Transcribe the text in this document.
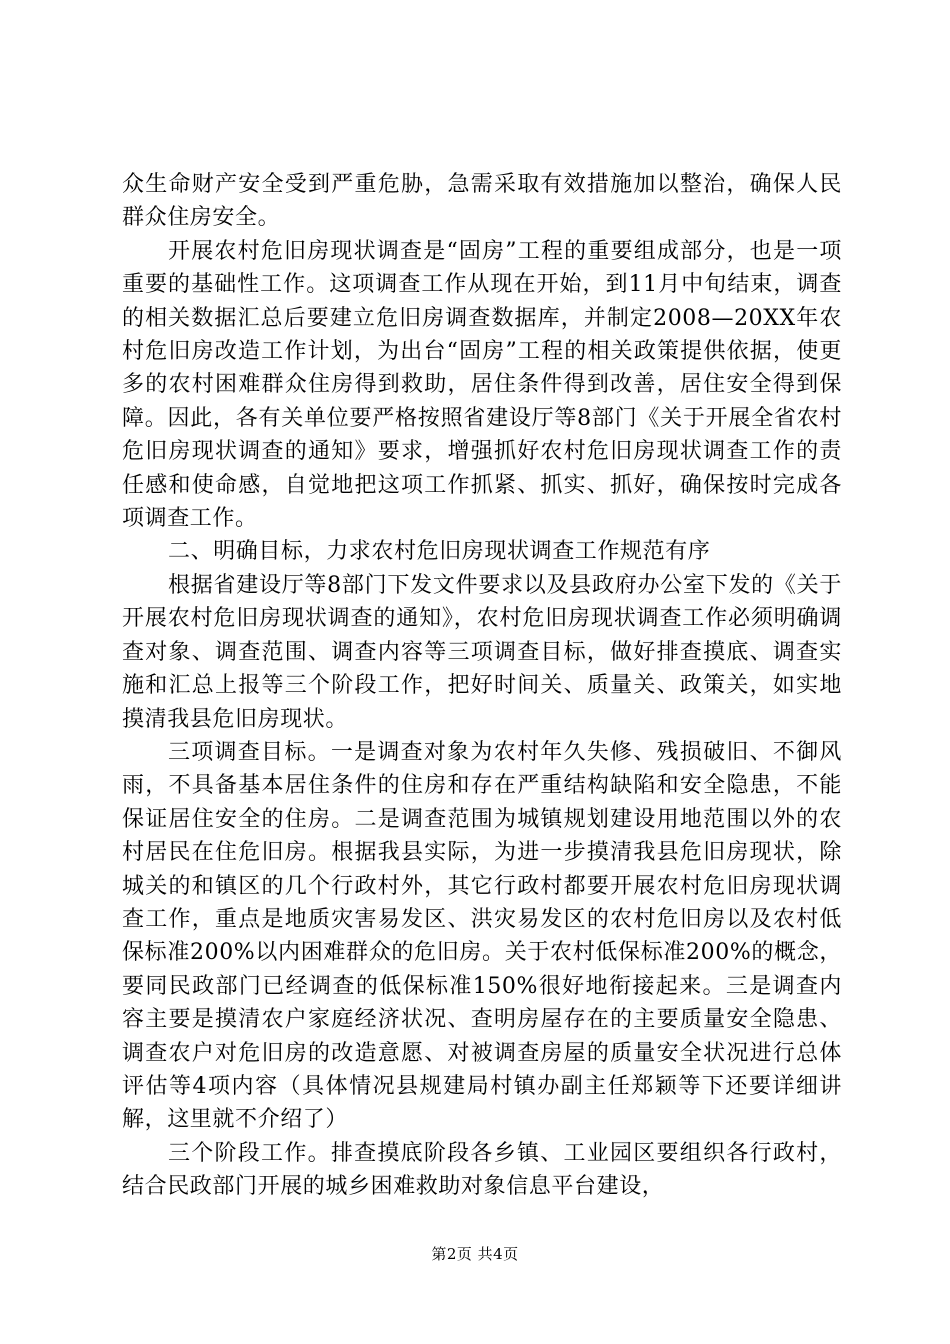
众生命财产安全受到严重危胁，急需采取有效措施加以整治，确保人民群众住房安全。

开展农村危旧房现状调查是“固房”工程的重要组成部分，也是一项重要的基础性工作。这项调查工作从现在开始，到11月中旬结束，调查的相关数据汇总后要建立危旧房调查数据库，并制定2008—20XX年农村危旧房改造工作计划，为出台“固房”工程的相关政策提供依据，使更多的农村困难群众住房得到救助，居住条件得到改善，居住安全得到保障。因此，各有关单位要严格按照省建设厅等8部门《关于开展全省农村危旧房现状调查的通知》要求，增强抓好农村危旧房现状调查工作的责任感和使命感，自觉地把这项工作抓紧、抓实、抓好，确保按时完成各项调查工作。

二、明确目标，力求农村危旧房现状调查工作规范有序

根据省建设厅等8部门下发文件要求以及县政府办公室下发的《关于开展农村危旧房现状调查的通知》，农村危旧房现状调查工作必须明确调查对象、调查范围、调查内容等三项调查目标，做好排查摸底、调查实施和汇总上报等三个阶段工作，把好时间关、质量关、政策关，如实地摸清我县危旧房现状。

三项调查目标。一是调查对象为农村年久失修、残损破旧、不御风雨，不具备基本居住条件的住房和存在严重结构缺陷和安全隐患，不能保证居住安全的住房。二是调查范围为城镇规划建设用地范围以外的农村居民在住危旧房。根据我县实际，为进一步摸清我县危旧房现状，除城关的和镇区的几个行政村外，其它行政村都要开展农村危旧房现状调查工作，重点是地质灾害易发区、洪灾易发区的农村危旧房以及农村低保标准200%以内困难群众的危旧房。关于农村低保标准200%的概念，要同民政部门已经调查的低保标准150%很好地衔接起来。三是调查内容主要是摸清农户家庭经济状况、查明房屋存在的主要质量安全隐患、调查农户对危旧房的改造意愿、对被调查房屋的质量安全状况进行总体评估等4项内容（具体情况县规建局村镇办副主任郑颖等下还要详细讲解，这里就不介绍了）

三个阶段工作。排查摸底阶段各乡镇、工业园区要组织各行政村，结合民政部门开展的城乡困难救助对象信息平台建设，

第2页 共4页
